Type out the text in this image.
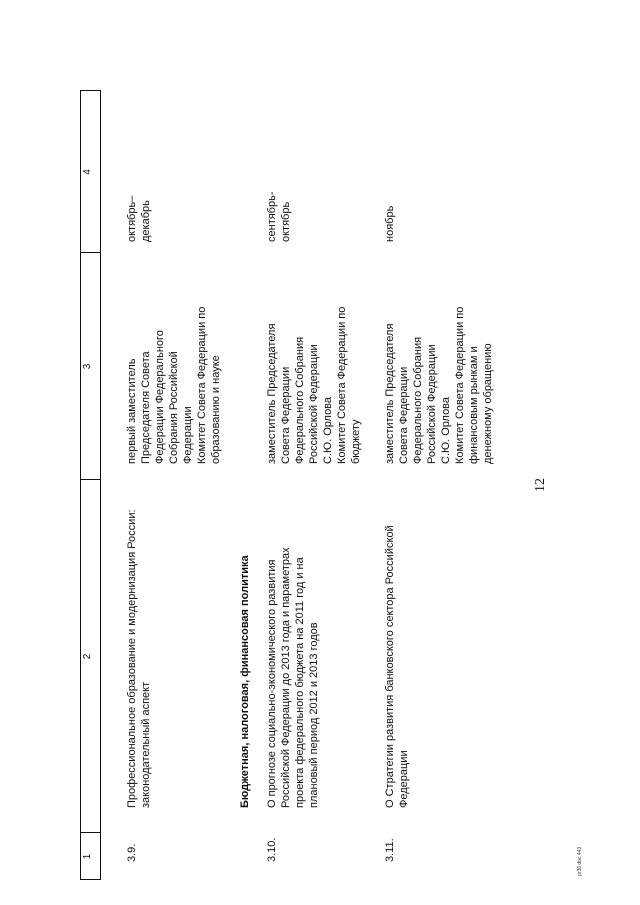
1
2
3
4
3.9.
Профессиональное образование и модернизация России:
законодательный аспект
первый заместитель
Председателя Совета
Федерации Федерального
Собрания Российской
Федерации
Комитет Совета Федерации по
образованию и науке
октябрь–
декабрь
Бюджетная, налоговая, финансовая политика
3.10.
О прогнозе социально-экономического развития
Российской Федерации до 2013 года и параметрах
проекта федерального бюджета на 2011 год и на
плановый период 2012 и 2013 годов
заместитель Председателя
Совета Федерации
Федерального Собрания
Российской Федерации
С.Ю. Орлова
Комитет Совета Федерации по
бюджету
сентябрь-
октябрь
3.11.
О Стратегии развития банковского сектора Российской
Федерации
заместитель Председателя
Совета Федерации
Федерального Собрания
Российской Федерации
С.Ю. Орлова
Комитет Совета Федерации по
финансовым рынкам и
денежному обращению
ноябрь
12
pr36 doc 443
